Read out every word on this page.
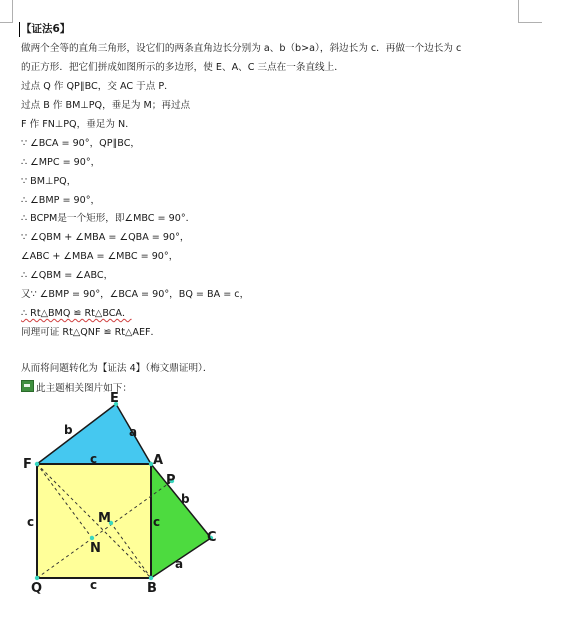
【证法6】
做两个全等的直角三角形，设它们的两条直角边长分别为 a、b（b>a），斜边长为 c．再做一个边长为 c
的正方形．把它们拼成如图所示的多边形，使 E、A、C 三点在一条直线上．
过点 Q 作 QP∥BC，交 AC 于点 P．
过点 B 作 BM⊥PQ，垂足为 M；再过点
F 作 FN⊥PQ，垂足为 N．
∵ ∠BCA = 90°，QP∥BC，
∴ ∠MPC = 90°，
∵ BM⊥PQ，
∴ ∠BMP = 90°，
∴ BCPM是一个矩形，即∠MBC = 90°．
∵ ∠QBM + ∠MBA = ∠QBA = 90°，
∠ABC + ∠MBA = ∠MBC = 90°，
∴ ∠QBM = ∠ABC，
又∵ ∠BMP = 90°，∠BCA = 90°，BQ = BA = c，
∴ Rt△BMQ ≌ Rt△BCA．
同理可证 Rt△QNF ≌ Rt△AEF．
从而将问题转化为【证法 4】（梅文鼎证明）．
此主题相关图片如下：
E
F	A
P
C
Q	B
M
N
b	a
c
c
c
c
b
a
